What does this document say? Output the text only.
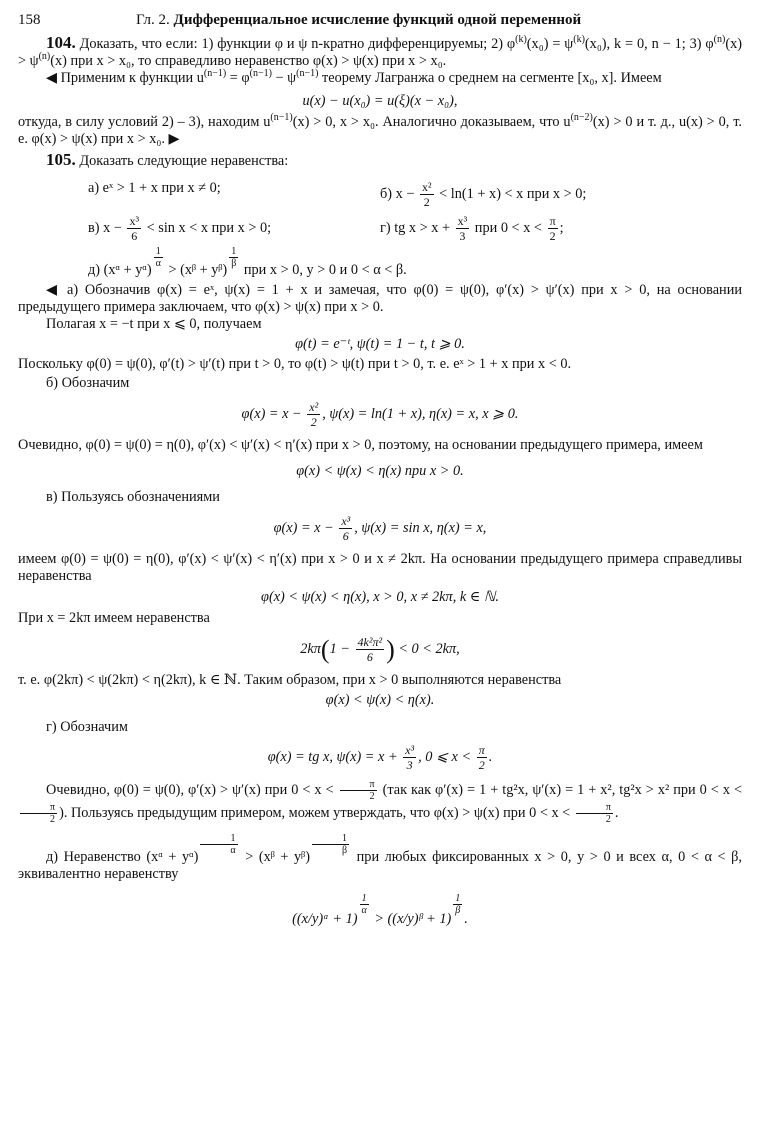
158	Гл. 2. Дифференциальное исчисление функций одной переменной

104. Доказать, что если: 1) функции φ и ψ n-кратно дифференцируемы; 2) $\varphi^{(k)}(x_0) = \psi^{(k)}(x_0)$, k = 0, n − 1; 3) $\varphi^{(n)}(x) > \psi^{(n)}(x)$ при x > x₀, то справедливо неравенство φ(x) > ψ(x) при x > x₀.

◀ Применим к функции $u^{(n-1)} = \varphi^{(n-1)} - \psi^{(n-1)}$ теорему Лагранжа о среднем на сегменте [x₀, x]. Имеем

u(x) − u(x₀) = u(ξ)(x − x₀),

откуда, в силу условий 2) – 3), находим $u^{(n-1)}(x) > 0$, x > x₀. Аналогично доказываем, что $u^{(n-2)}(x) > 0$ и т. д., u(x) > 0, т. е. φ(x) > ψ(x) при x > x₀. ▶

105. Доказать следующие неравенства:

а) eˣ > 1 + x при x ≠ 0;	б) $x - \frac{\text{x²}}{2} < \ln(1 + x) < x$ при x > 0;
в) $x - \frac{\text{x³}}{6} < \sin x < x$ при x > 0;	г) tg $x > x + \frac{\text{x³}}{3}$ при $0 < x < \frac{\pi}{2}$ ;
д) (xᵅ + yᵅ)
$\frac{1}{\alpha}$
> (xᵝ + yᵝ)
$\frac{1}{\beta}$
при x > 0, y > 0 и 0 < α < β.

◀ а) Обозначив φ(x) = eˣ, ψ(x) = 1 + x и замечая, что φ(0) = ψ(0), φ′(x) > ψ′(x) при x > 0, на основании предыдущего примера заключаем, что φ(x) > ψ(x) при x > 0.

Полагая x = −t при x ⩽ 0, получаем

φ(t) = e⁻ᵗ, ψ(t) = 1 − t, t ⩾ 0.

Поскольку φ(0) = ψ(0), φ′(t) > ψ′(t) при t > 0, то φ(t) > ψ(t) при t > 0, т. е. eˣ > 1 + x при x < 0.

б) Обозначим

$\varphi(x) = x - \frac{\text{x²}}{2}$ , ψ(x) = ln(1 + x), η(x) = x, x ⩾ 0.

Очевидно, φ(0) = ψ(0) = η(0), φ′(x) < ψ′(x) < η′(x) при x > 0, поэтому, на основании предыдущего примера, имеем

φ(x) < ψ(x) < η(x) при x > 0.

в) Пользуясь обозначениями

$\varphi(x) = x - \frac{\text{x³}}{6}$ , ψ(x) = sin x, η(x) = x,

имеем φ(0) = ψ(0) = η(0), φ′(x) < ψ′(x) < η′(x) при x > 0 и x ≠ 2kπ. На основании предыдущего примера справедливы неравенства

φ(x) < ψ(x) < η(x), x > 0, x ≠ 2kπ, k ∈ ℕ.

При x = 2kπ имеем неравенства

$2k\pi(1 - \frac{\text{4k²π²}}{6}$ ) < 0 < 2kπ,

т. е. φ(2kπ) < ψ(2kπ) < η(2kπ), k ∈ ℕ. Таким образом, при x > 0 выполняются неравенства

φ(x) < ψ(x) < η(x).

г) Обозначим

φ(x) = tg x, $\psi(x) = x + \frac{\text{x³}}{3}$ , 0 ⩽ $x < \frac{\pi}{2}$ .

Очевидно, φ(0) = ψ(0), φ′(x) > ψ′(x) при $0 < x < \frac{\pi}{2} (так$ как φ′(x) = 1 + tg²x, ψ′(x) = 1 + x², tg²x > x² при 0 < x <
$\frac{\pi}{2}$ ). Пользуясь предыдущим примером, можем утверждать, что φ(x) > ψ(x) при $0 < x < \frac{\pi}{2}$ .

д) Неравенство (xᵅ + yᵅ)
$\frac{1}{\alpha}$
> (xᵝ + yᵝ)
$\frac{1}{\beta}$
при любых фиксированных x > 0, y > 0 и всех α, 0 < α < β, эквивалентно неравенству

((x/y)ᵅ + 1)
$\frac{1}{\alpha}$
> ((x/y)ᵝ + 1)
$\frac{1}{\beta}$
.
